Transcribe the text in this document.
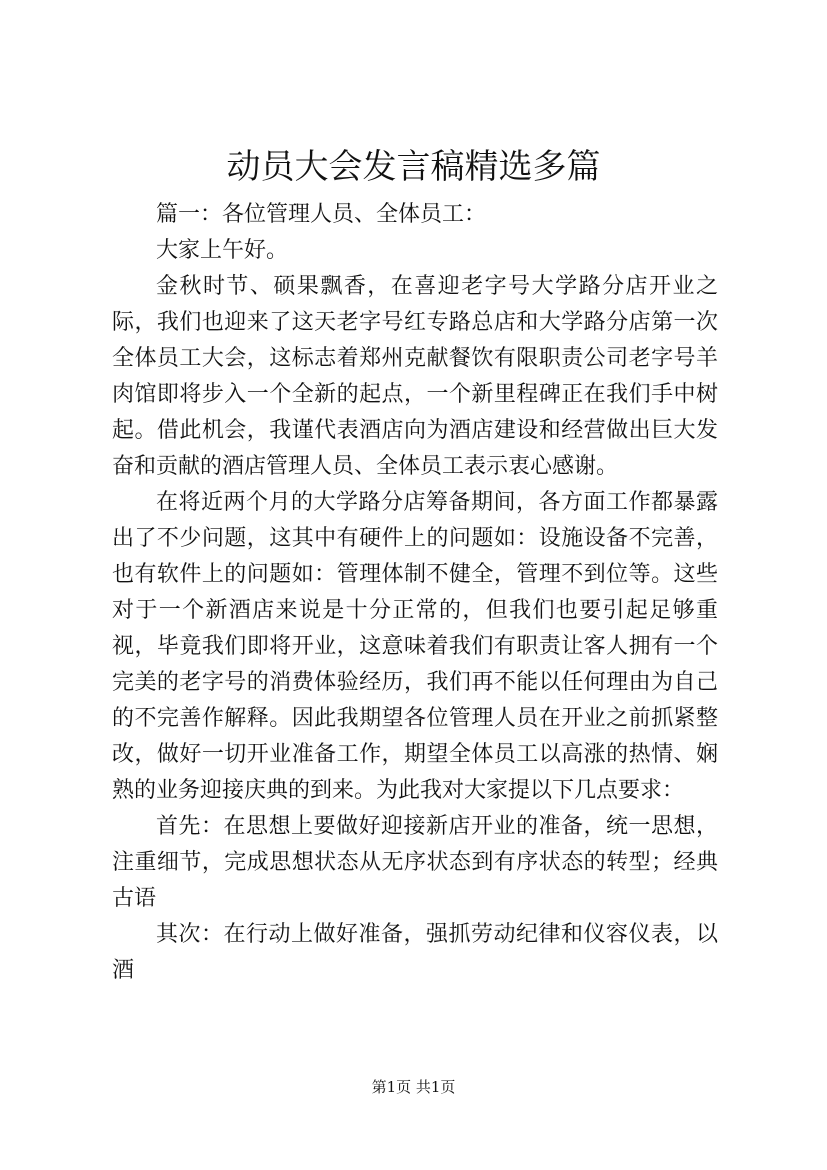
动员大会发言稿精选多篇

篇一：各位管理人员、全体员工：

大家上午好。

金秋时节、硕果飘香，在喜迎老字号大学路分店开业之际，我们也迎来了这天老字号红专路总店和大学路分店第一次全体员工大会，这标志着郑州克献餐饮有限职责公司老字号羊肉馆即将步入一个全新的起点，一个新里程碑正在我们手中树起。借此机会，我谨代表酒店向为酒店建设和经营做出巨大发奋和贡献的酒店管理人员、全体员工表示衷心感谢。

在将近两个月的大学路分店筹备期间，各方面工作都暴露出了不少问题，这其中有硬件上的问题如：设施设备不完善，也有软件上的问题如：管理体制不健全，管理不到位等。这些对于一个新酒店来说是十分正常的，但我们也要引起足够重视，毕竟我们即将开业，这意味着我们有职责让客人拥有一个完美的老字号的消费体验经历，我们再不能以任何理由为自己的不完善作解释。因此我期望各位管理人员在开业之前抓紧整改，做好一切开业准备工作，期望全体员工以高涨的热情、娴熟的业务迎接庆典的到来。为此我对大家提以下几点要求：

首先：在思想上要做好迎接新店开业的准备，统一思想，注重细节，完成思想状态从无序状态到有序状态的转型；经典古语

其次：在行动上做好准备，强抓劳动纪律和仪容仪表，以酒

第1页 共1页
